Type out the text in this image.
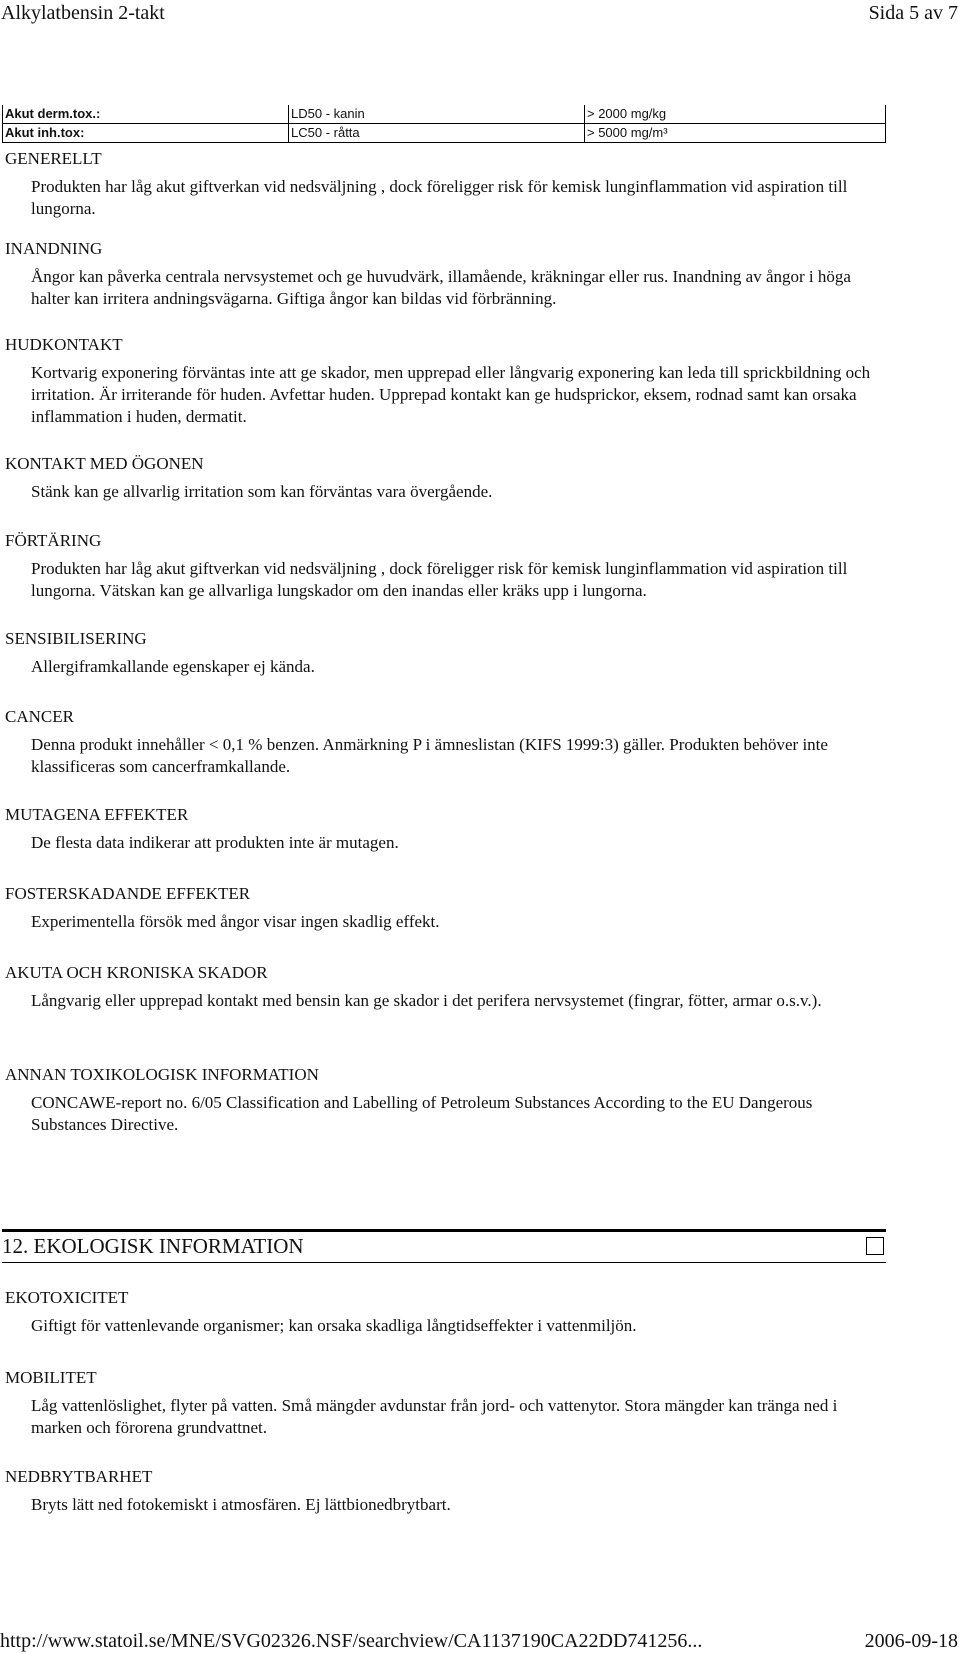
Alkylatbensin 2-takt	Sida 5 av 7
Akut derm.tox.:	LD50 - kanin	> 2000 mg/kg
Akut inh.tox:	LC50 - råtta	> 5000 mg/m³
GENERELLT

Produkten har låg akut giftverkan vid nedsväljning , dock föreligger risk för kemisk lunginflammation vid aspiration till lungorna.

INANDNING

Ångor kan påverka centrala nervsystemet och ge huvudvärk, illamående, kräkningar eller rus. Inandning av ångor i höga halter kan irritera andningsvägarna. Giftiga ångor kan bildas vid förbränning.

HUDKONTAKT

Kortvarig exponering förväntas inte att ge skador, men upprepad eller långvarig exponering kan leda till sprickbildning och irritation. Är irriterande för huden. Avfettar huden. Upprepad kontakt kan ge hudsprickor, eksem, rodnad samt kan orsaka inflammation i huden, dermatit.

KONTAKT MED ÖGONEN

Stänk kan ge allvarlig irritation som kan förväntas vara övergående.

FÖRTÄRING

Produkten har låg akut giftverkan vid nedsväljning , dock föreligger risk för kemisk lunginflammation vid aspiration till lungorna. Vätskan kan ge allvarliga lungskador om den inandas eller kräks upp i lungorna.

SENSIBILISERING

Allergiframkallande egenskaper ej kända.

CANCER

Denna produkt innehåller < 0,1 % benzen. Anmärkning P i ämneslistan (KIFS 1999:3) gäller. Produkten behöver inte klassificeras som cancerframkallande.

MUTAGENA EFFEKTER

De flesta data indikerar att produkten inte är mutagen.

FOSTERSKADANDE EFFEKTER

Experimentella försök med ångor visar ingen skadlig effekt.

AKUTA OCH KRONISKA SKADOR

Långvarig eller upprepad kontakt med bensin kan ge skador i det perifera nervsystemet (fingrar, fötter, armar o.s.v.).

ANNAN TOXIKOLOGISK INFORMATION

CONCAWE-report no. 6/05 Classification and Labelling of Petroleum Substances According to the EU Dangerous Substances Directive.

12. EKOLOGISK INFORMATION
EKOTOXICITET

Giftigt för vattenlevande organismer; kan orsaka skadliga långtidseffekter i vattenmiljön.

MOBILITET

Låg vattenlöslighet, flyter på vatten. Små mängder avdunstar från jord- och vattenytor. Stora mängder kan tränga ned i marken och förorena grundvattnet.

NEDBRYTBARHET

Bryts lätt ned fotokemiskt i atmosfären. Ej lättbionedbrytbart.

http://www.statoil.se/MNE/SVG02326.NSF/searchview/CA1137190CA22DD741256...	2006-09-18
